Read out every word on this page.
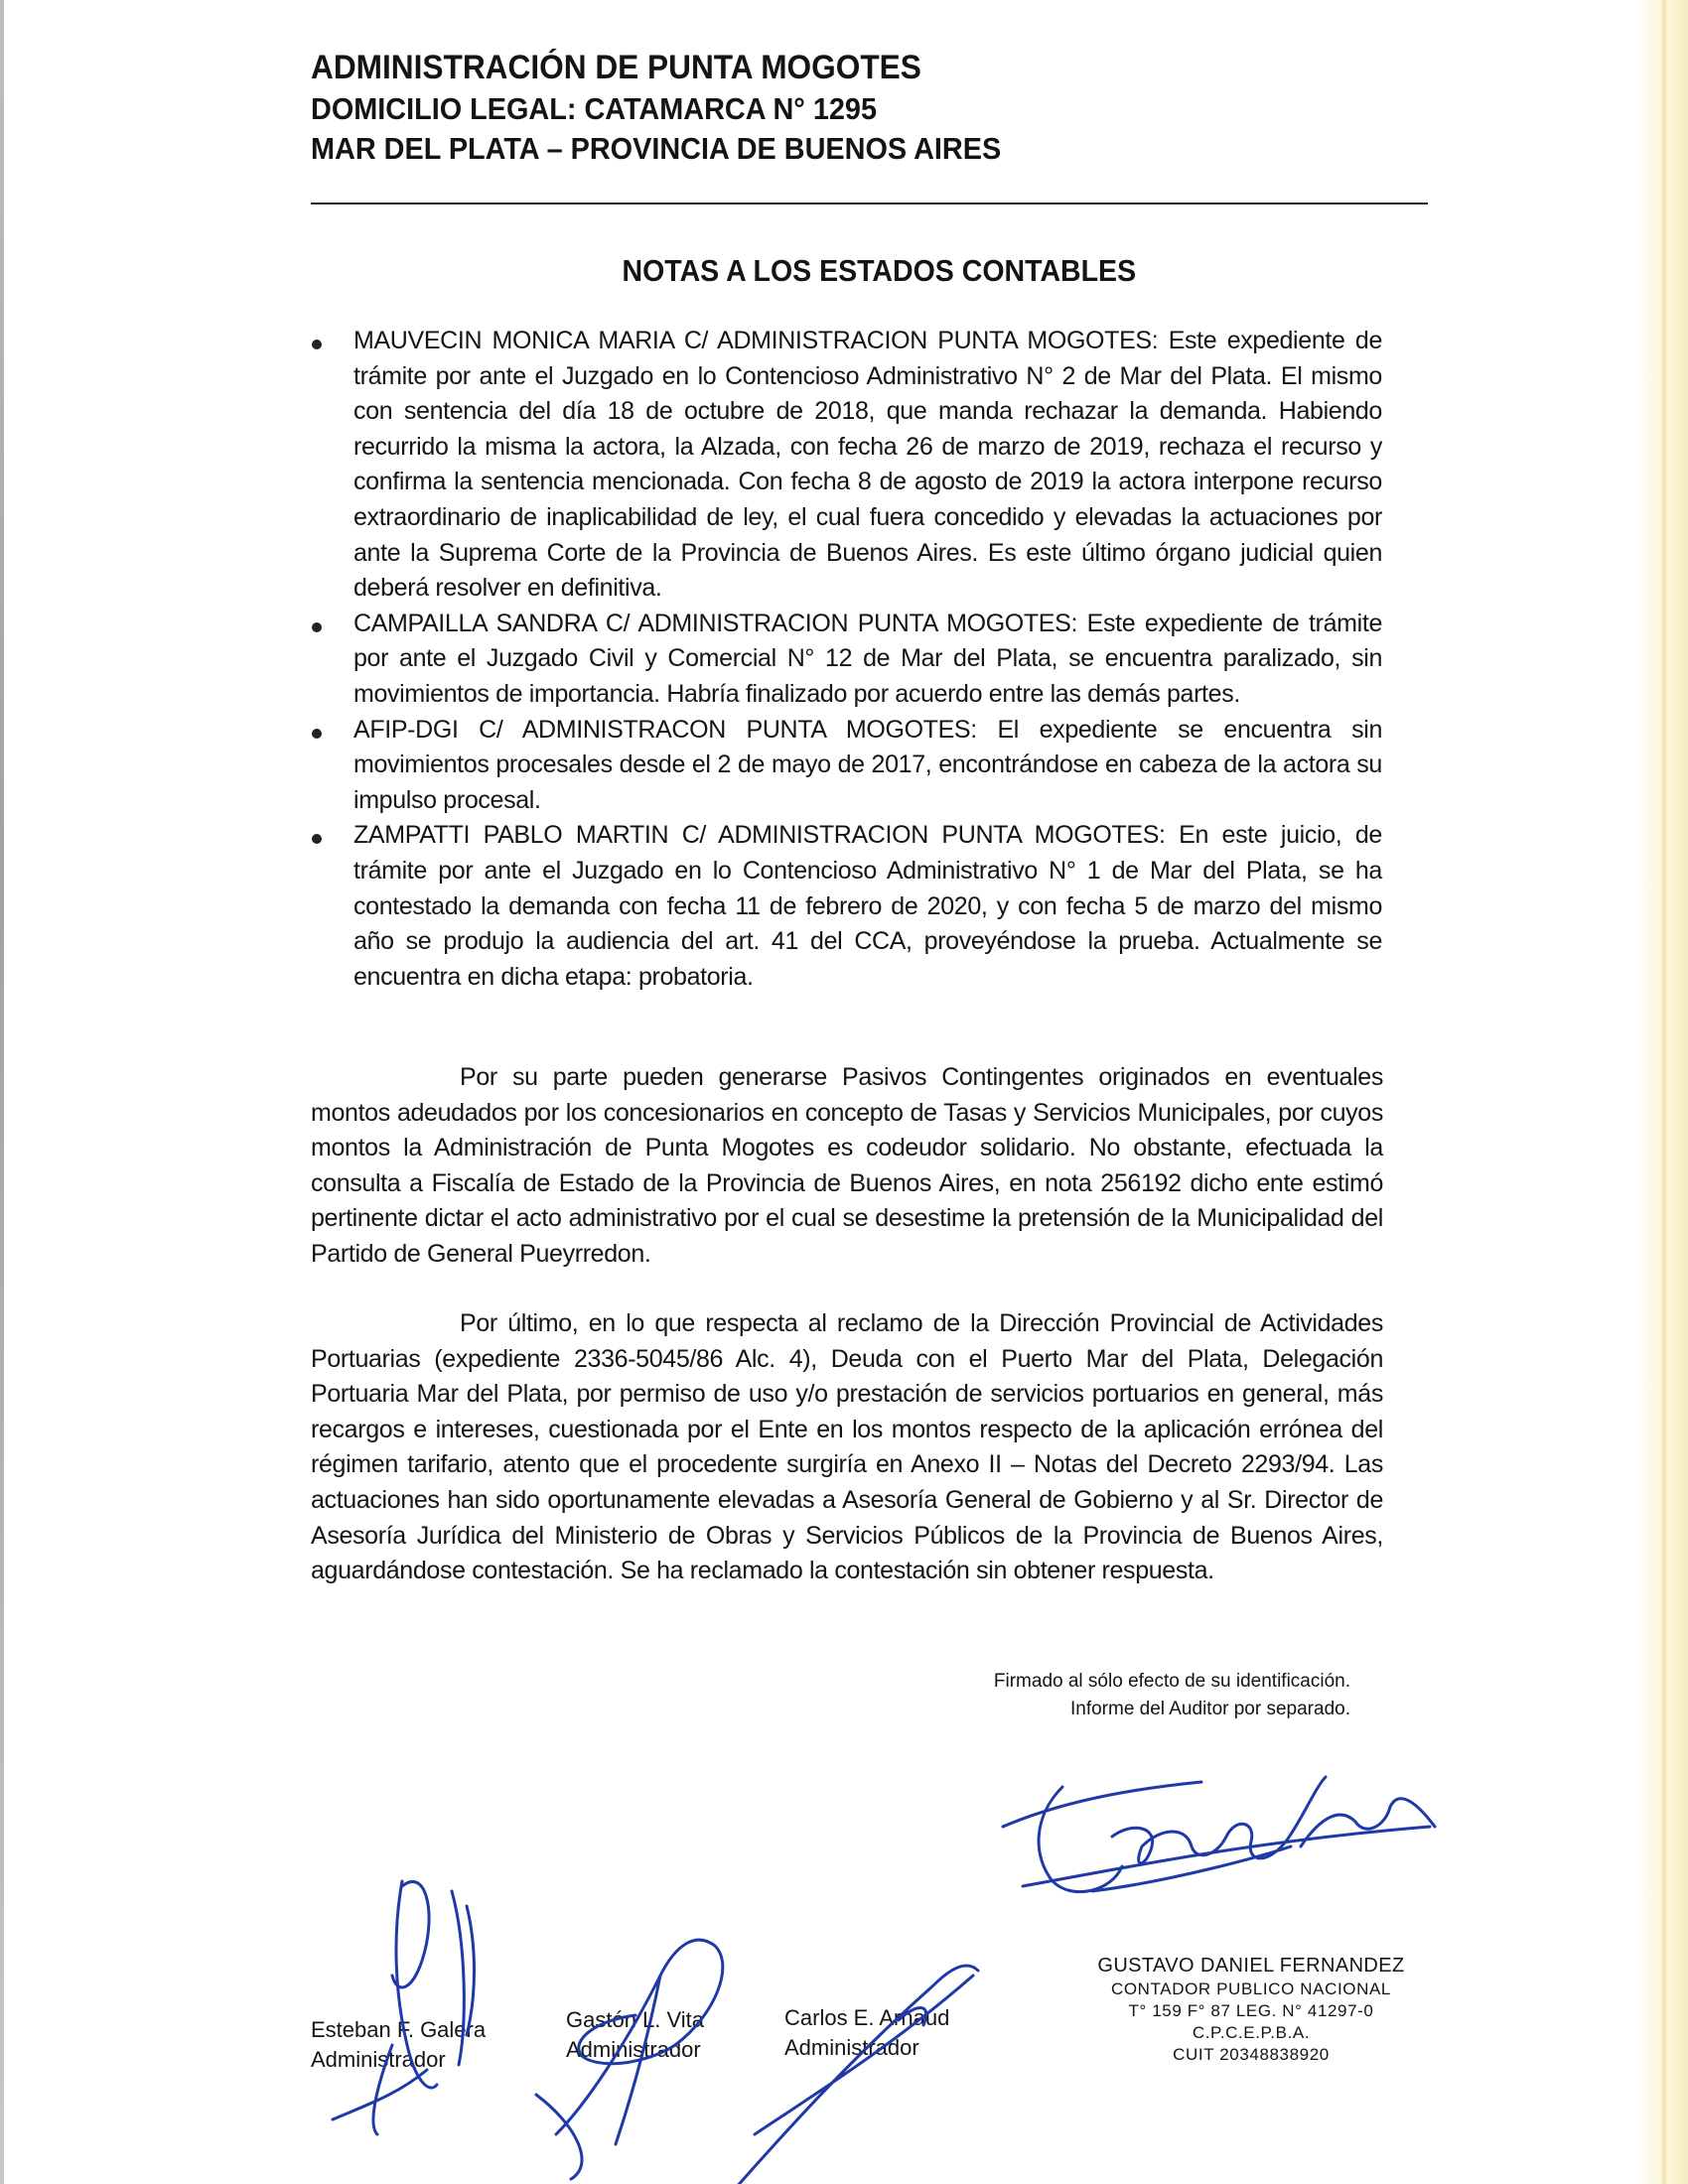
ADMINISTRACIÓN DE PUNTA MOGOTES

DOMICILIO LEGAL: CATAMARCA N° 1295

MAR DEL PLATA – PROVINCIA DE BUENOS AIRES

NOTAS A LOS ESTADOS CONTABLES

MAUVECIN MONICA MARIA C/ ADMINISTRACION PUNTA MOGOTES: Este expediente de trámite por ante el Juzgado en lo Contencioso Administrativo N° 2 de Mar del Plata. El mismo con sentencia del día 18 de octubre de 2018, que manda rechazar la demanda. Habiendo recurrido la misma la actora, la Alzada, con fecha 26 de marzo de 2019, rechaza el recurso y confirma la sentencia mencionada. Con fecha 8 de agosto de 2019 la actora interpone recurso extraordinario de inaplicabilidad de ley, el cual fuera concedido y elevadas la actuaciones por ante la Suprema Corte de la Provincia de Buenos Aires. Es este último órgano judicial quien deberá resolver en definitiva.

CAMPAILLA SANDRA C/ ADMINISTRACION PUNTA MOGOTES: Este expediente de trámite por ante el Juzgado Civil y Comercial N° 12 de Mar del Plata, se encuentra paralizado, sin movimientos de importancia. Habría finalizado por acuerdo entre las demás partes.

AFIP-DGI C/ ADMINISTRACON PUNTA MOGOTES: El expediente se encuentra sin movimientos procesales desde el 2 de mayo de 2017, encontrándose en cabeza de la actora su impulso procesal.

ZAMPATTI PABLO MARTIN C/ ADMINISTRACION PUNTA MOGOTES: En este juicio, de trámite por ante el Juzgado en lo Contencioso Administrativo N° 1 de Mar del Plata, se ha contestado la demanda con fecha 11 de febrero de 2020, y con fecha 5 de marzo del mismo año se produjo la audiencia del art. 41 del CCA, proveyéndose la prueba. Actualmente se encuentra en dicha etapa: probatoria.

Por su parte pueden generarse Pasivos Contingentes originados en eventuales montos adeudados por los concesionarios en concepto de Tasas y Servicios Municipales, por cuyos montos la Administración de Punta Mogotes es codeudor solidario. No obstante, efectuada la consulta a Fiscalía de Estado de la Provincia de Buenos Aires, en nota 256192 dicho ente estimó pertinente dictar el acto administrativo por el cual se desestime la pretensión de la Municipalidad del Partido de General Pueyrredon.

Por último, en lo que respecta al reclamo de la Dirección Provincial de Actividades Portuarias (expediente 2336-5045/86 Alc. 4), Deuda con el Puerto Mar del Plata, Delegación Portuaria Mar del Plata, por permiso de uso y/o prestación de servicios portuarios en general, más recargos e intereses, cuestionada por el Ente en los montos respecto de la aplicación errónea del régimen tarifario, atento que el procedente surgiría en Anexo II – Notas del Decreto 2293/94. Las actuaciones han sido oportunamente elevadas a Asesoría General de Gobierno y al Sr. Director de Asesoría Jurídica del Ministerio de Obras y Servicios Públicos de la Provincia de Buenos Aires, aguardándose contestación. Se ha reclamado la contestación sin obtener respuesta.

Firmado al sólo efecto de su identificación.

Informe del Auditor por separado.

Esteban F. Galera

Administrador

Gastón L. Vita

Administrador

Carlos E. Arnaud

Administrador

GUSTAVO DANIEL FERNANDEZ

CONTADOR PUBLICO NACIONAL

T° 159 F° 87 LEG. N° 41297-0

C.P.C.E.P.B.A.

CUIT 20348838920
